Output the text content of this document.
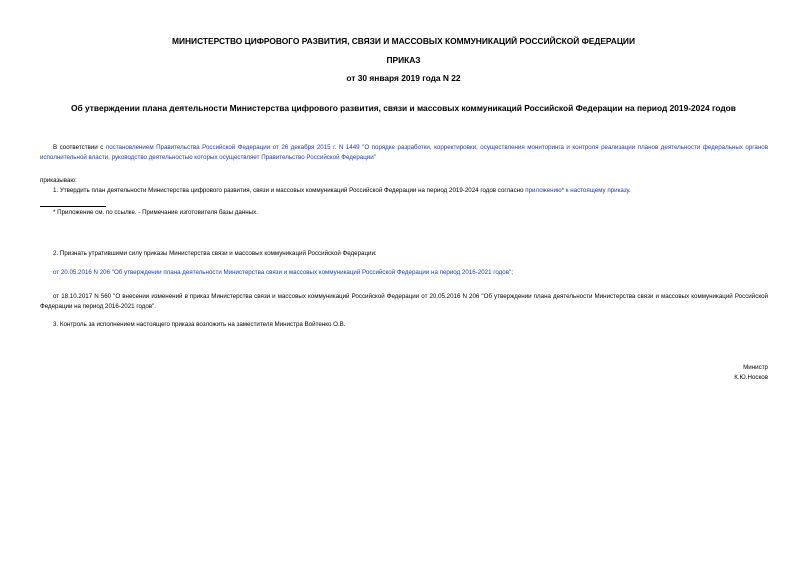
МИНИСТЕРСТВО ЦИФРОВОГО РАЗВИТИЯ, СВЯЗИ И МАССОВЫХ КОММУНИКАЦИЙ РОССИЙСКОЙ ФЕДЕРАЦИИ
ПРИКАЗ
от 30 января 2019 года N 22
Об утверждении плана деятельности Министерства цифрового развития, связи и массовых коммуникаций Российской Федерации на период 2019-2024 годов
В соответствии с постановлением Правительства Российской Федерации от 26 декабря 2015 г. N 1449 "О порядке разработки, корректировки, осуществления мониторинга и контроля реализации планов деятельности федеральных органов исполнительной власти, руководство деятельностью которых осуществляет Правительство Российской Федерации"
приказываю:
1. Утвердить план деятельности Министерства цифрового развития, связи и массовых коммуникаций Российской Федерации на период 2019-2024 годов согласно приложению* к настоящему приказу.
* Приложение см. по ссылке. - Примечание изготовителя базы данных.
2. Признать утратившими силу приказы Министерства связи и массовых коммуникаций Российской Федерации:
от 20.05.2016 N 206 "Об утверждении плана деятельности Министерства связи и массовых коммуникаций Российской Федерации на период 2016-2021 годов";
от 18.10.2017 N 560 "О внесении изменений в приказ Министерства связи и массовых коммуникаций Российской Федерации от 20.05.2016 N 206 "Об утверждении плана деятельности Министерства связи и массовых коммуникаций Российской Федерации на период 2016-2021 годов".
3. Контроль за исполнением настоящего приказа возложить на заместителя Министра Войтенко О.В.
Министр
К.Ю.Носков
